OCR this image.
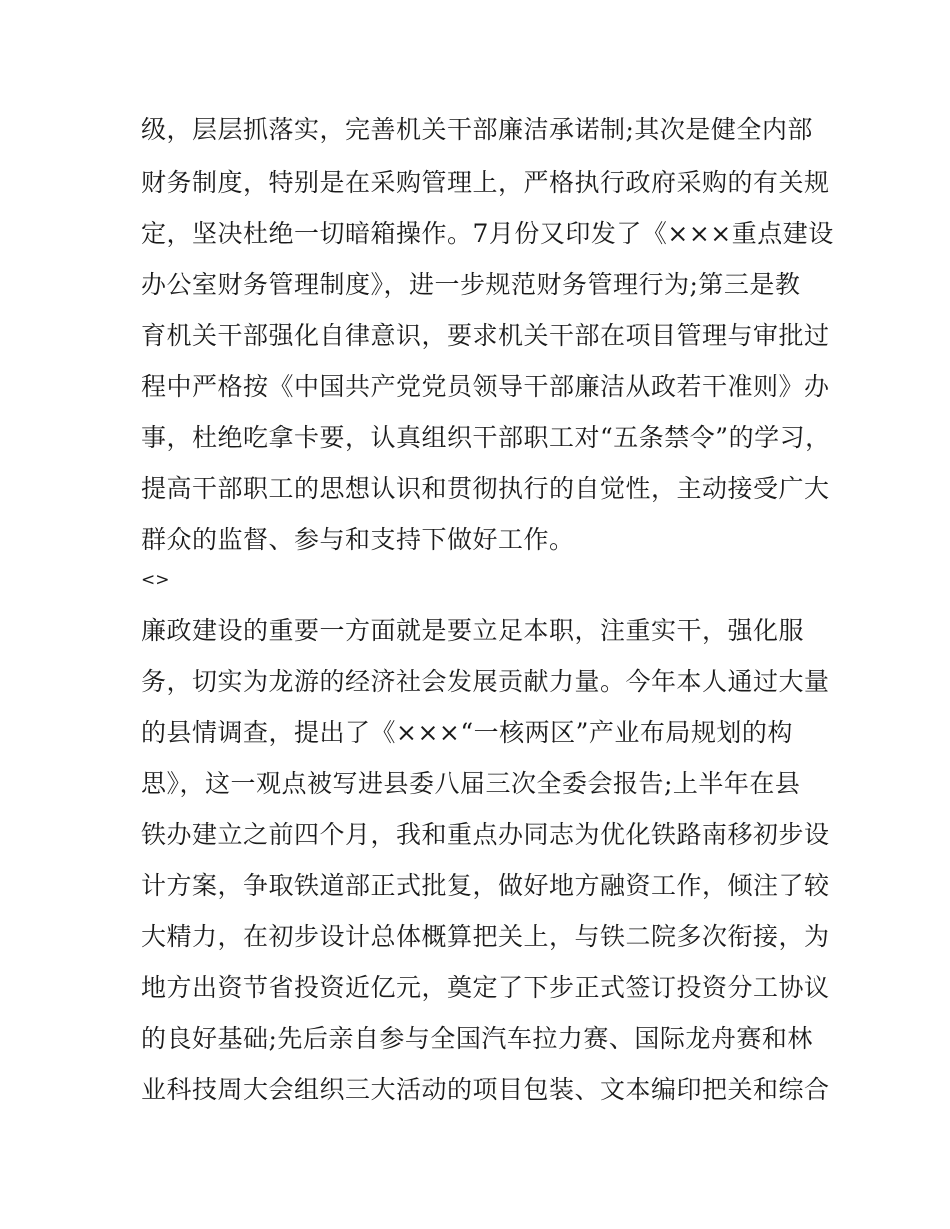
级，层层抓落实，完善机关干部廉洁承诺制;其次是健全内部
财务制度，特别是在采购管理上，严格执行政府采购的有关规
定，坚决杜绝一切暗箱操作。7月份又印发了《×××重点建设
办公室财务管理制度》，进一步规范财务管理行为;第三是教
育机关干部强化自律意识，要求机关干部在项目管理与审批过
程中严格按《中国共产党党员领导干部廉洁从政若干准则》办
事，杜绝吃拿卡要，认真组织干部职工对“五条禁令”的学习，
提高干部职工的思想认识和贯彻执行的自觉性，主动接受广大
群众的监督、参与和支持下做好工作。
<>
廉政建设的重要一方面就是要立足本职，注重实干，强化服
务，切实为龙游的经济社会发展贡献力量。今年本人通过大量
的县情调查，提出了《×××“一核两区”产业布局规划的构
思》，这一观点被写进县委八届三次全委会报告;上半年在县
铁办建立之前四个月，我和重点办同志为优化铁路南移初步设
计方案，争取铁道部正式批复，做好地方融资工作，倾注了较
大精力，在初步设计总体概算把关上，与铁二院多次衔接，为
地方出资节省投资近亿元，奠定了下步正式签订投资分工协议
的良好基础;先后亲自参与全国汽车拉力赛、国际龙舟赛和林
业科技周大会组织三大活动的项目包装、文本编印把关和综合
